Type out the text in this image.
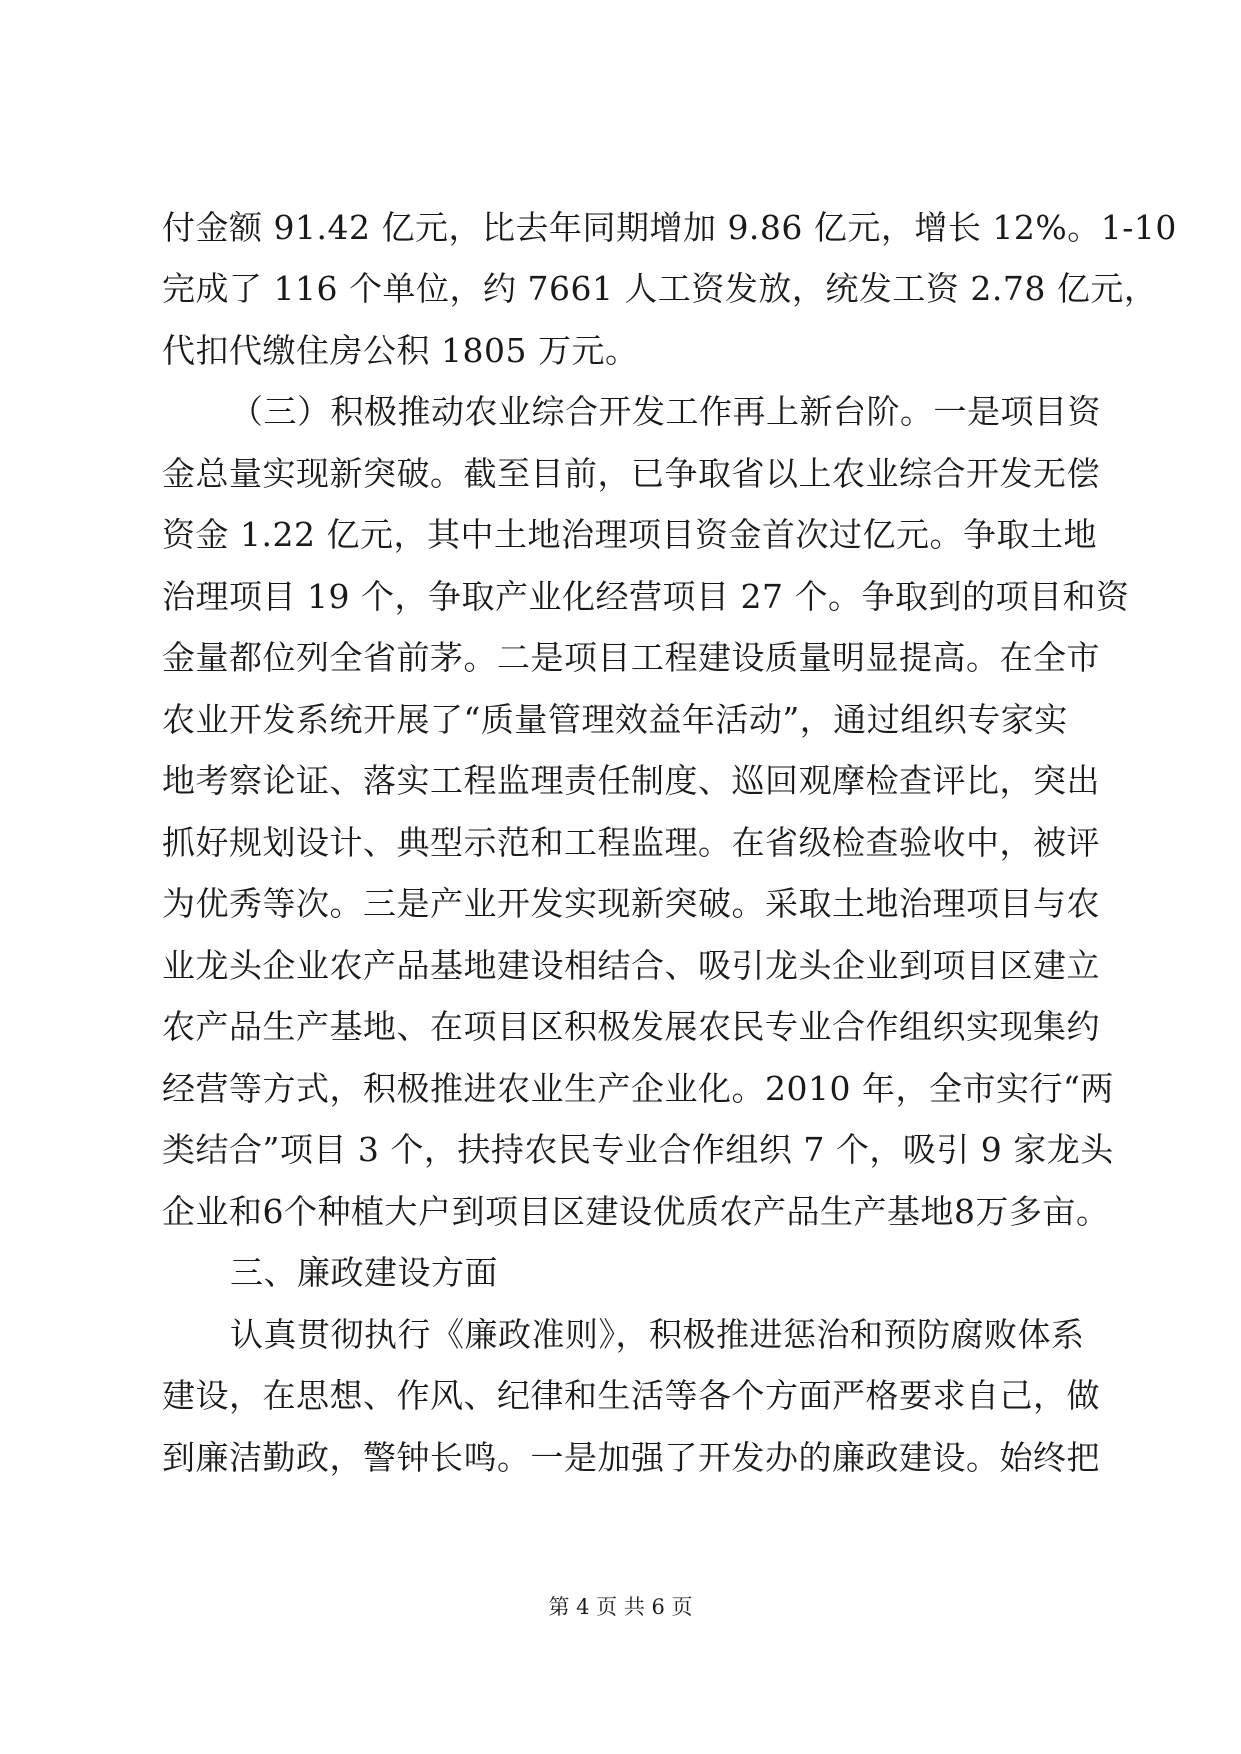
付金额 91.42 亿元，比去年同期增加 9.86 亿元，增长 12%。1-10
完成了 116 个单位，约 7661 人工资发放，统发工资 2.78 亿元，
代扣代缴住房公积 1805 万元。
（三）积极推动农业综合开发工作再上新台阶。一是项目资
金总量实现新突破。截至目前，已争取省以上农业综合开发无偿
资金 1.22 亿元，其中土地治理项目资金首次过亿元。争取土地
治理项目 19 个，争取产业化经营项目 27 个。争取到的项目和资
金量都位列全省前茅。二是项目工程建设质量明显提高。在全市
农业开发系统开展了“质量管理效益年活动”，通过组织专家实
地考察论证、落实工程监理责任制度、巡回观摩检查评比，突出
抓好规划设计、典型示范和工程监理。在省级检查验收中，被评
为优秀等次。三是产业开发实现新突破。采取土地治理项目与农
业龙头企业农产品基地建设相结合、吸引龙头企业到项目区建立
农产品生产基地、在项目区积极发展农民专业合作组织实现集约
经营等方式，积极推进农业生产企业化。2010 年，全市实行“两
类结合”项目 3 个，扶持农民专业合作组织 7 个，吸引 9 家龙头
企业和6个种植大户到项目区建设优质农产品生产基地8万多亩。
三、廉政建设方面
认真贯彻执行《廉政准则》，积极推进惩治和预防腐败体系
建设，在思想、作风、纪律和生活等各个方面严格要求自己，做
到廉洁勤政，警钟长鸣。一是加强了开发办的廉政建设。始终把
第 4 页 共 6 页
